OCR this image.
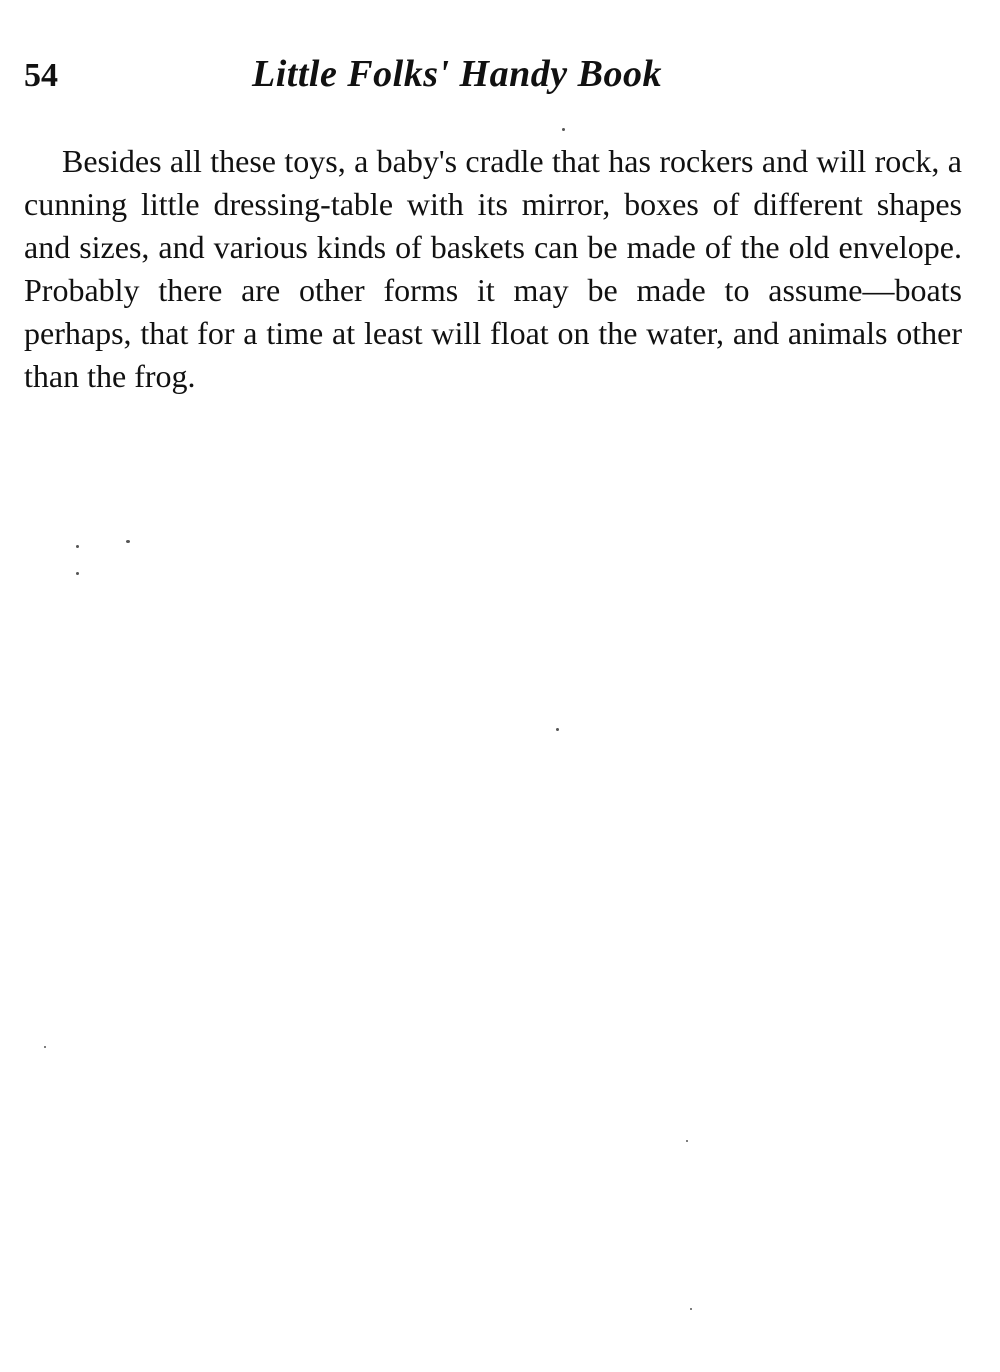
54	Little Folks' Handy Book

Besides all these toys, a baby's cradle that has rockers and will rock, a cunning little dressing-table with its mirror, boxes of different shapes and sizes, and various kinds of baskets can be made of the old envelope. Probably there are other forms it may be made to assume—boats perhaps, that for a time at least will float on the water, and animals other than the frog.
